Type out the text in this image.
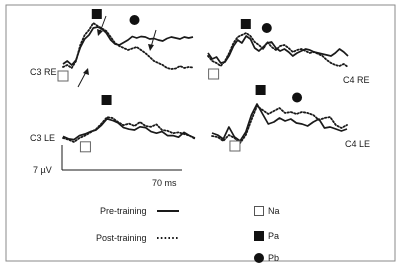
C3 RE
C4 RE
C3 LE
C4 LE
7 µV
70 ms
Pre-training
Post-training
Na
Pa
Pb
